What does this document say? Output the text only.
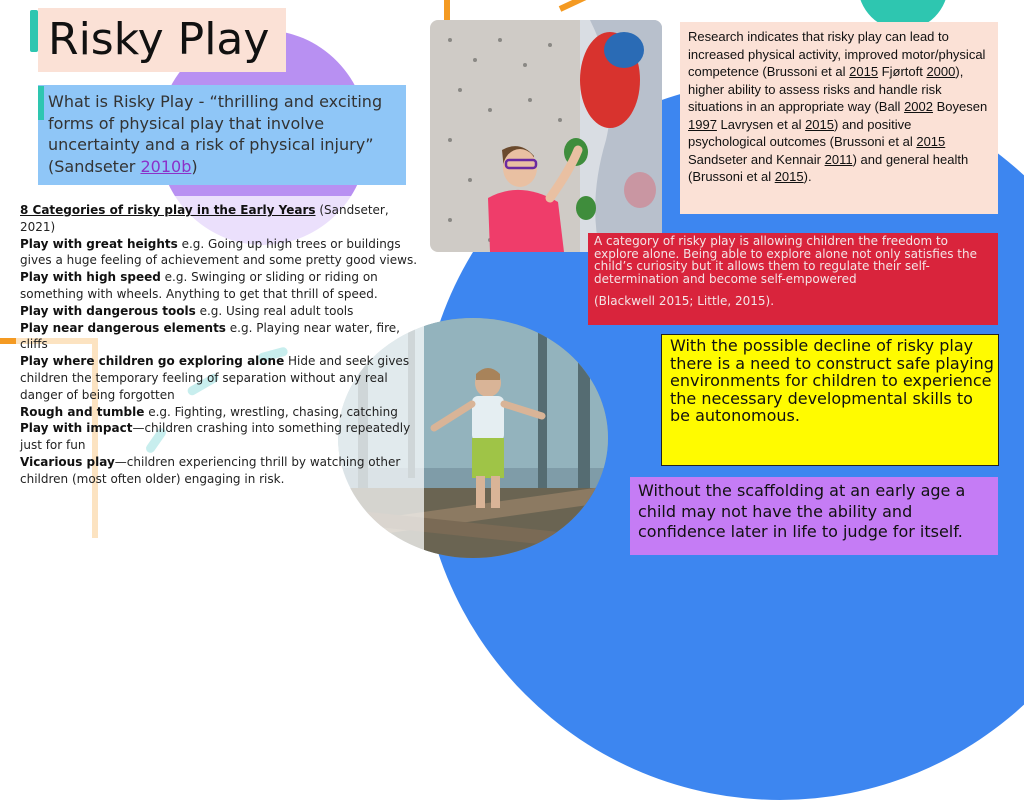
Risky Play

What is Risky Play - “thrilling and exciting forms of physical play that involve uncertainty and a risk of physical injury” (Sandseter 2010b)

8 Categories of risky play in the Early Years (Sandseter, 2021)

Play with great heights e.g. Going up high trees or buildings gives a huge feeling of achievement and some pretty good views.

Play with high speed e.g. Swinging or sliding or riding on something with wheels. Anything to get that thrill of speed.

Play with dangerous tools e.g. Using real adult tools

Play near dangerous elements e.g. Playing near water, fire, cliffs

Play where children go exploring alone Hide and seek gives children the temporary feeling of separation without any real danger of being forgotten

Rough and tumble e.g. Fighting, wrestling, chasing, catching

Play with impact—children crashing into something repeatedly just for fun

Vicarious play—children experiencing thrill by watching other children (most often older) engaging in risk.

Research indicates that risky play can lead to increased physical activity, improved motor/physical competence (Brussoni et al 2015 Fjørtoft 2000), higher ability to assess risks and handle risk situations in an appropriate way (Ball 2002 Boyesen 1997 Lavrysen et al 2015) and positive psychological outcomes (Brussoni et al 2015 Sandseter and Kennair 2011) and general health (Brussoni et al 2015).

A category of risky play is allowing children the freedom to explore alone. Being able to explore alone not only satisfies the child’s curiosity but it allows them to regulate their self-determination and become self-empowered

(Blackwell 2015; Little, 2015).

With the possible decline of risky play there is a need to construct safe playing environments for children to experience the necessary developmental skills to be autonomous.

Without the scaffolding at an early age a child may not have the ability and confidence later in life to judge for itself.
